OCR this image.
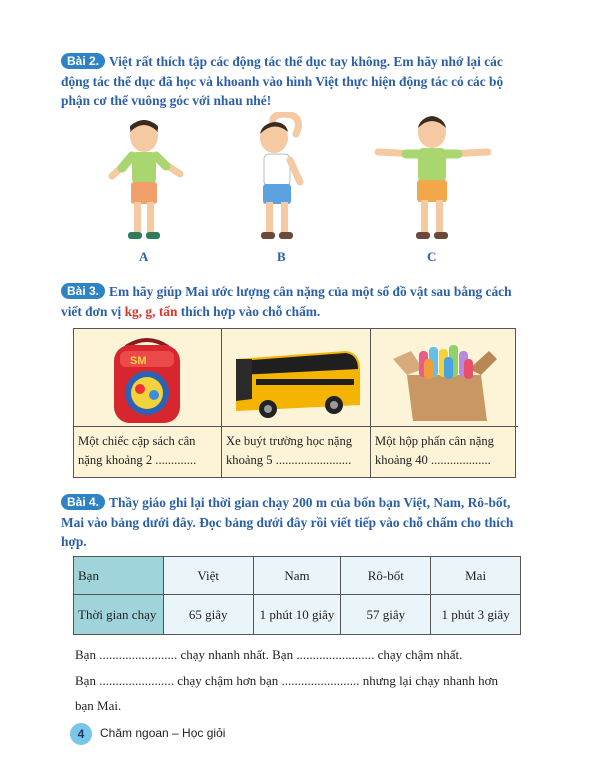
Bài 2. Việt rất thích tập các động tác thể dục tay không. Em hãy nhớ lại các động tác thể dục đã học và khoanh vào hình Việt thực hiện động tác có các bộ phận cơ thể vuông góc với nhau nhé!
A	B	C
Bài 3. Em hãy giúp Mai ước lượng cân nặng của một số đồ vật sau bằng cách viết đơn vị kg, g, tấn thích hợp vào chỗ chấm.
SM
Một chiếc cặp sách cân nặng khoảng 2 .............
Xe buýt trường học nặng khoảng 5 ........................
Một hộp phấn cân nặng khoảng 40 ...................
Bài 4. Thầy giáo ghi lại thời gian chạy 200 m của bốn bạn Việt, Nam, Rô-bốt, Mai vào bảng dưới đây. Đọc bảng dưới đây rồi viết tiếp vào chỗ chấm cho thích hợp.
Bạn	Việt	Nam	Rô-bốt	Mai
Thời gian chạy	65 giây	1 phút 10 giây	57 giây	1 phút 3 giây
Bạn ........................ chạy nhanh nhất. Bạn ........................ chạy chậm nhất.
Bạn ....................... chạy chậm hơn bạn ........................ nhưng lại chạy nhanh hơn
bạn Mai.
4	Chăm ngoan – Học giỏi
